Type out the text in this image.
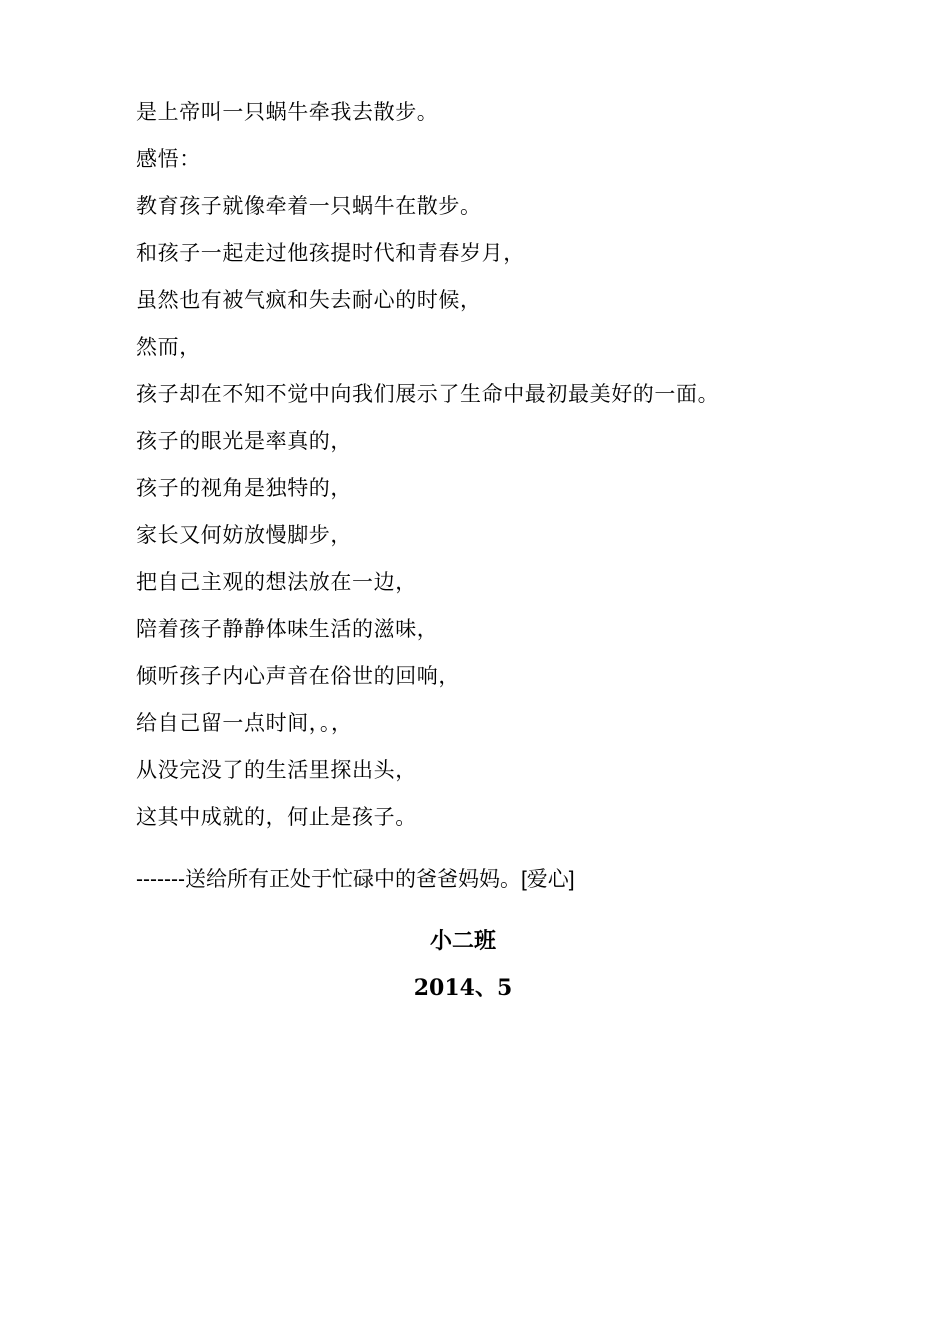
是上帝叫一只蜗牛牵我去散步。
感悟：
教育孩子就像牵着一只蜗牛在散步。
和孩子一起走过他孩提时代和青春岁月，
虽然也有被气疯和失去耐心的时候，
然而，
孩子却在不知不觉中向我们展示了生命中最初最美好的一面。
孩子的眼光是率真的，
孩子的视角是独特的，
家长又何妨放慢脚步，
把自己主观的想法放在一边，
陪着孩子静静体味生活的滋味，
倾听孩子内心声音在俗世的回响，
给自己留一点时间，。，
从没完没了的生活里探出头，
这其中成就的，何止是孩子。
-------送给所有正处于忙碌中的爸爸妈妈。[爱心]
小二班
2014、5
